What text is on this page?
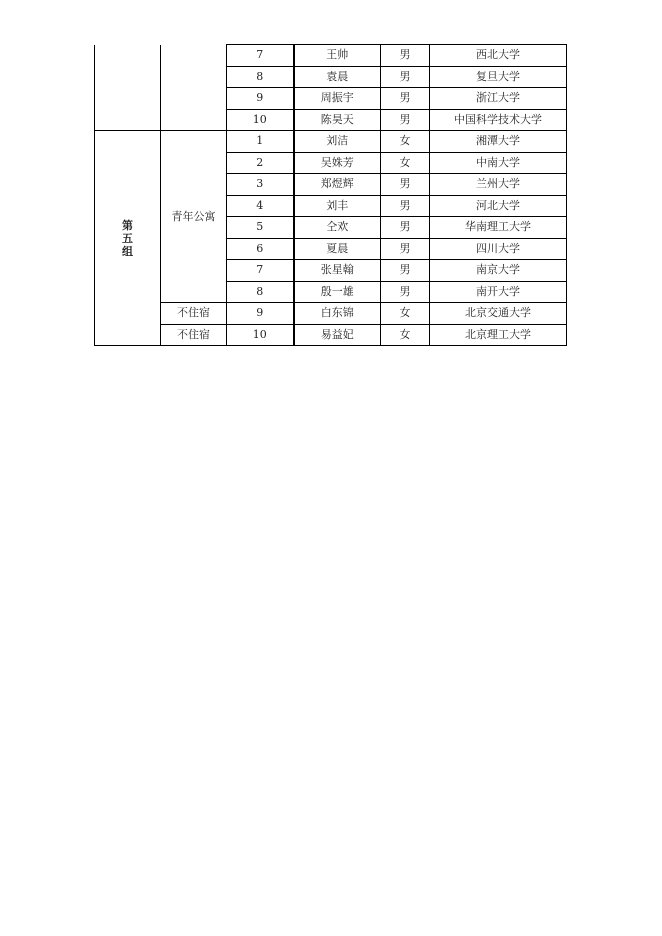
		7	王帅	男	西北大学
		8	袁晨	男	复旦大学
		9	周振宇	男	浙江大学
		10	陈昊天	男	中国科学技术大学
第五组	青年公寓	1	刘洁	女	湘潭大学
		2	吴姝芳	女	中南大学
		3	郑煜辉	男	兰州大学
		4	刘丰	男	河北大学
		5	仝欢	男	华南理工大学
		6	夏晨	男	四川大学
		7	张星翰	男	南京大学
		8	殷一雄	男	南开大学
	不住宿	9	白东锦	女	北京交通大学
	不住宿	10	易益妃	女	北京理工大学
